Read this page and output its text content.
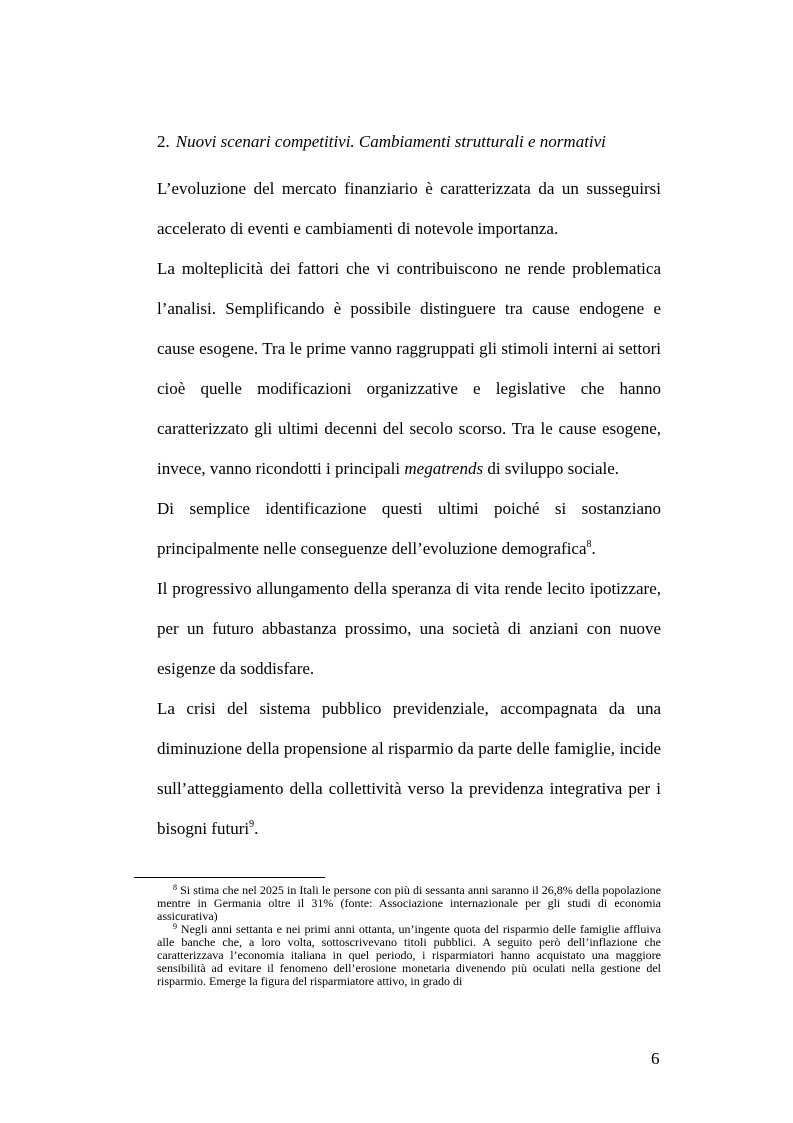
2. Nuovi scenari competitivi. Cambiamenti strutturali e normativi

L’evoluzione del mercato finanziario è caratterizzata da un susseguirsi accelerato di eventi e cambiamenti di notevole importanza.

La molteplicità dei fattori che vi contribuiscono ne rende problematica l’analisi. Semplificando è possibile distinguere tra cause endogene e cause esogene. Tra le prime vanno raggruppati gli stimoli interni ai settori cioè quelle modificazioni organizzative e legislative che hanno caratterizzato gli ultimi decenni del secolo scorso. Tra le cause esogene, invece, vanno ricondotti i principali megatrends di sviluppo sociale.

Di semplice identificazione questi ultimi poiché si sostanziano principalmente nelle conseguenze dell’evoluzione demografica$^8$.

Il progressivo allungamento della speranza di vita rende lecito ipotizzare, per un futuro abbastanza prossimo, una società di anziani con nuove esigenze da soddisfare.

La crisi del sistema pubblico previdenziale, accompagnata da una diminuzione della propensione al risparmio da parte delle famiglie, incide sull’atteggiamento della collettività verso la previdenza integrativa per i bisogni futuri$^9$.

$^8$ Si stima che nel 2025 in Itali le persone con più di sessanta anni saranno il 26,8% della popolazione mentre in Germania oltre il 31% (fonte: Associazione internazionale per gli studi di economia assicurativa)

$^9$ Negli anni settanta e nei primi anni ottanta, un’ingente quota del risparmio delle famiglie affluiva alle banche che, a loro volta, sottoscrivevano titoli pubblici. A seguito però dell’inflazione che caratterizzava l’economia italiana in quel periodo, i risparmiatori hanno acquistato una maggiore sensibilità ad evitare il fenomeno dell’erosione monetaria divenendo più oculati nella gestione del risparmio. Emerge la figura del risparmiatore attivo, in grado di

6
